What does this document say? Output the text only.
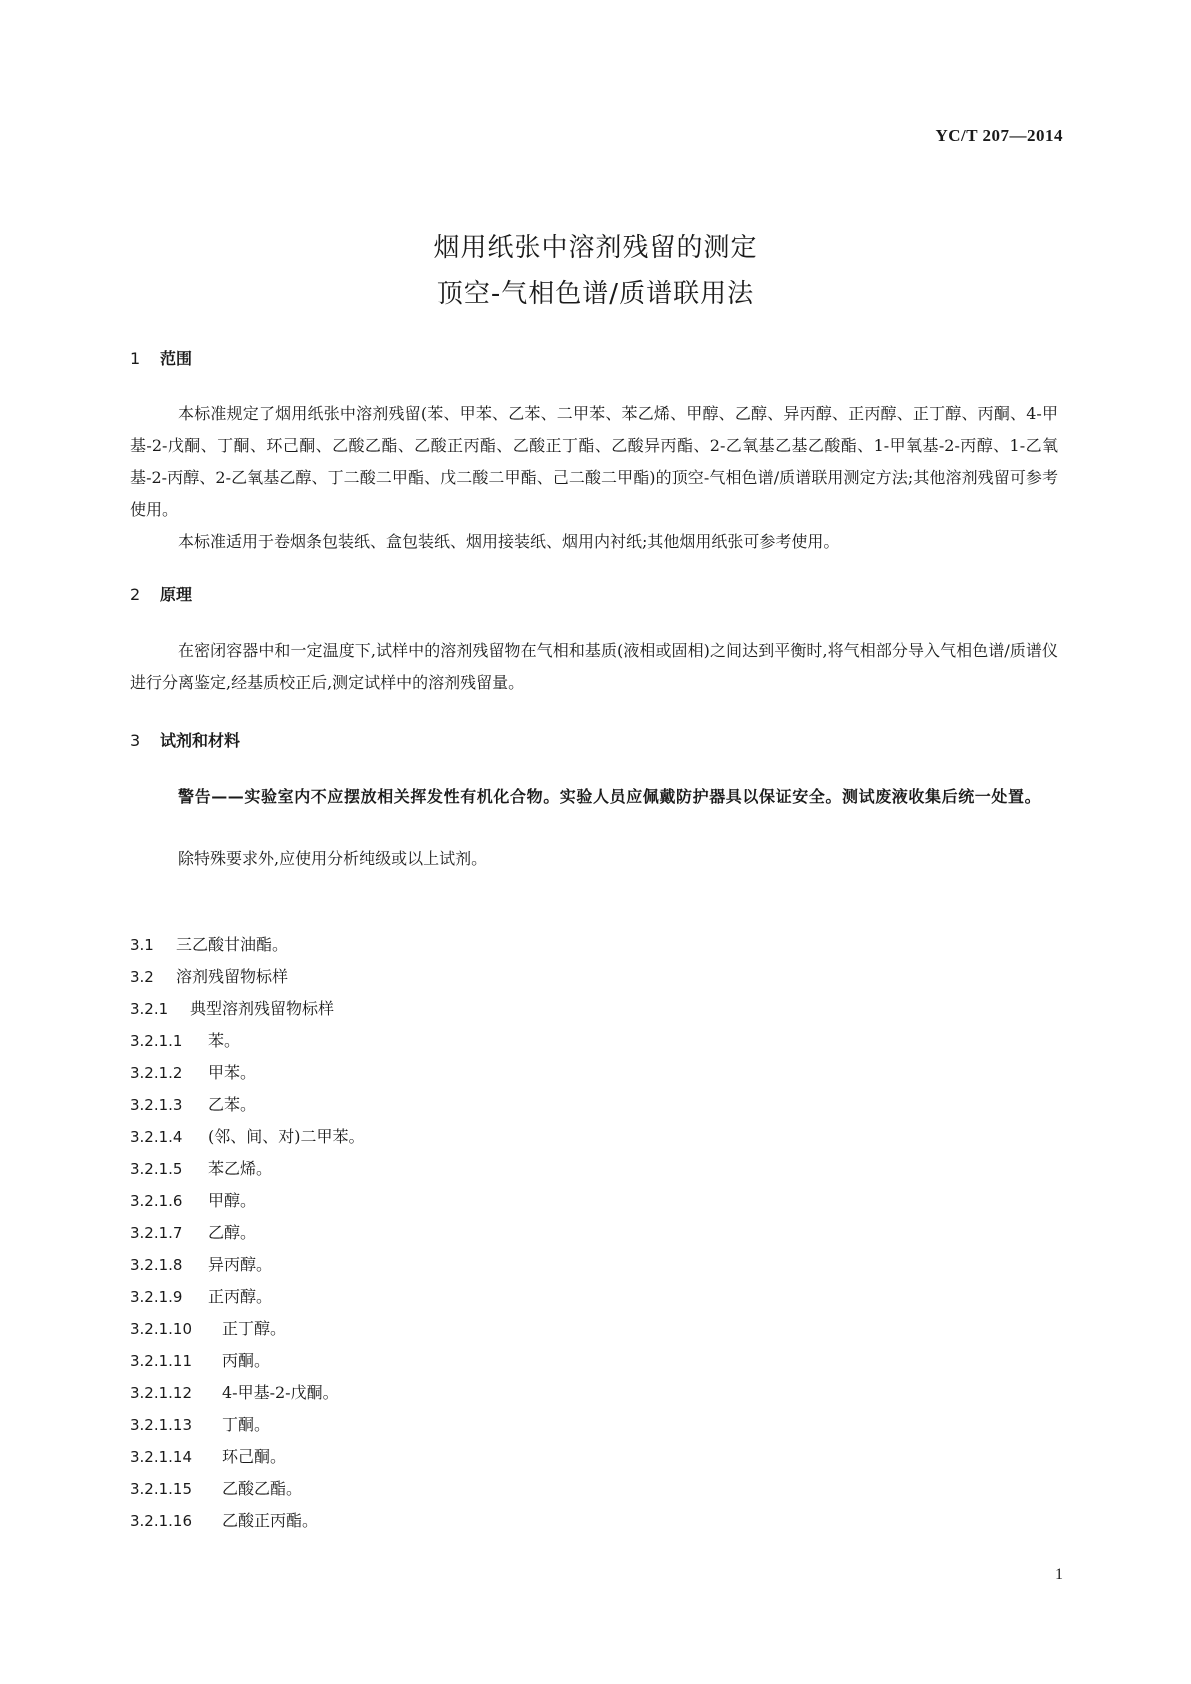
YC/T 207—2014
烟用纸张中溶剂残留的测定
顶空-气相色谱/质谱联用法
1 范围
本标准规定了烟用纸张中溶剂残留(苯、甲苯、乙苯、二甲苯、苯乙烯、甲醇、乙醇、异丙醇、正丙醇、正丁醇、丙酮、4-甲基-2-戊酮、丁酮、环己酮、乙酸乙酯、乙酸正丙酯、乙酸正丁酯、乙酸异丙酯、2-乙氧基乙基乙酸酯、1-甲氧基-2-丙醇、1-乙氧基-2-丙醇、2-乙氧基乙醇、丁二酸二甲酯、戊二酸二甲酯、己二酸二甲酯)的顶空-气相色谱/质谱联用测定方法;其他溶剂残留可参考使用。
本标准适用于卷烟条包装纸、盒包装纸、烟用接装纸、烟用内衬纸;其他烟用纸张可参考使用。
2 原理
在密闭容器中和一定温度下,试样中的溶剂残留物在气相和基质(液相或固相)之间达到平衡时,将气相部分导入气相色谱/质谱仪进行分离鉴定,经基质校正后,测定试样中的溶剂残留量。
3 试剂和材料
警告——实验室内不应摆放相关挥发性有机化合物。实验人员应佩戴防护器具以保证安全。测试废液收集后统一处置。
除特殊要求外,应使用分析纯级或以上试剂。
3.1 三乙酸甘油酯。
3.2 溶剂残留物标样
3.2.1 典型溶剂残留物标样
3.2.1.1 苯。
3.2.1.2 甲苯。
3.2.1.3 乙苯。
3.2.1.4 (邻、间、对)二甲苯。
3.2.1.5 苯乙烯。
3.2.1.6 甲醇。
3.2.1.7 乙醇。
3.2.1.8 异丙醇。
3.2.1.9 正丙醇。
3.2.1.10 正丁醇。
3.2.1.11 丙酮。
3.2.1.12 4-甲基-2-戊酮。
3.2.1.13 丁酮。
3.2.1.14 环己酮。
3.2.1.15 乙酸乙酯。
3.2.1.16 乙酸正丙酯。
1
